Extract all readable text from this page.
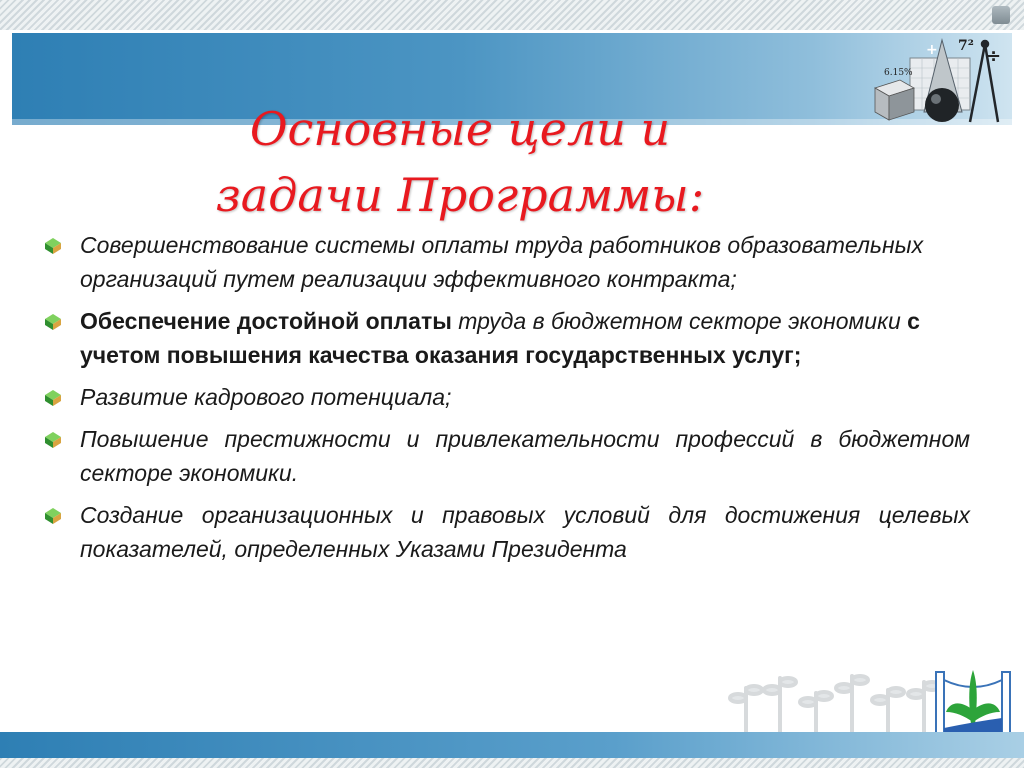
7²
6.15%
÷
+
Основные цели и
задачи Программы:
Совершенствование системы оплаты труда работников образовательных организаций путем реализации эффективного контракта;
Обеспечение достойной оплаты труда в бюджетном секторе экономики с учетом повышения качества оказания государственных услуг;
Развитие кадрового потенциала;
Повышение престижности и привлекательности профессий в бюджетном секторе экономики.
Создание организационных и правовых условий для достижения целевых показателей, определенных Указами Президента
